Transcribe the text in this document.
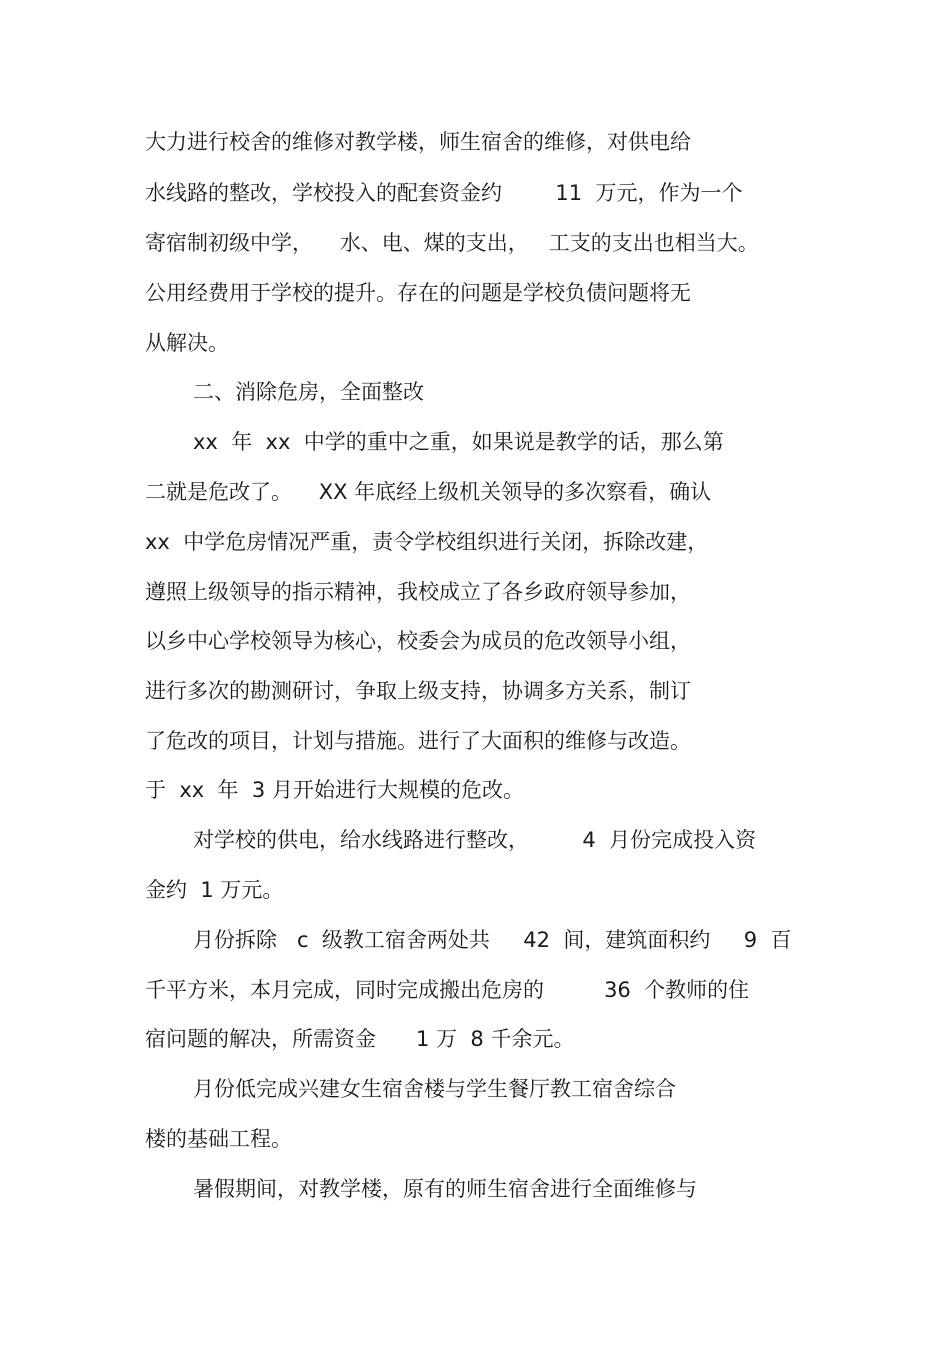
大力进行校舍的维修对教学楼，师生宿舍的维修，对供电给
水线路的整改，学校投入的配套资金约        11  万元，作为一个
寄宿制初级中学，    水、电、煤的支出，   工支的支出也相当大。
公用经费用于学校的提升。存在的问题是学校负债问题将无
从解决。
二、消除危房，全面整改
xx  年  xx  中学的重中之重，如果说是教学的话，那么第
二就是危改了。    XX 年底经上级机关领导的多次察看，确认
xx  中学危房情况严重，责令学校组织进行关闭，拆除改建，
遵照上级领导的指示精神，我校成立了各乡政府领导参加，
以乡中心学校领导为核心，校委会为成员的危改领导小组，
进行多次的勘测研讨，争取上级支持，协调多方关系，制订
了危改的项目，计划与措施。进行了大面积的维修与改造。
于  xx  年  3 月开始进行大规模的危改。
对学校的供电，给水线路进行整改，        4  月份完成投入资
金约  1 万元。
月份拆除   c  级教工宿舍两处共     42  间，建筑面积约     9  百
千平方米，本月完成，同时完成搬出危房的         36  个教师的住
宿问题的解决，所需资金      1 万  8 千余元。
月份低完成兴建女生宿舍楼与学生餐厅教工宿舍综合
楼的基础工程。
暑假期间，对教学楼，原有的师生宿舍进行全面维修与
